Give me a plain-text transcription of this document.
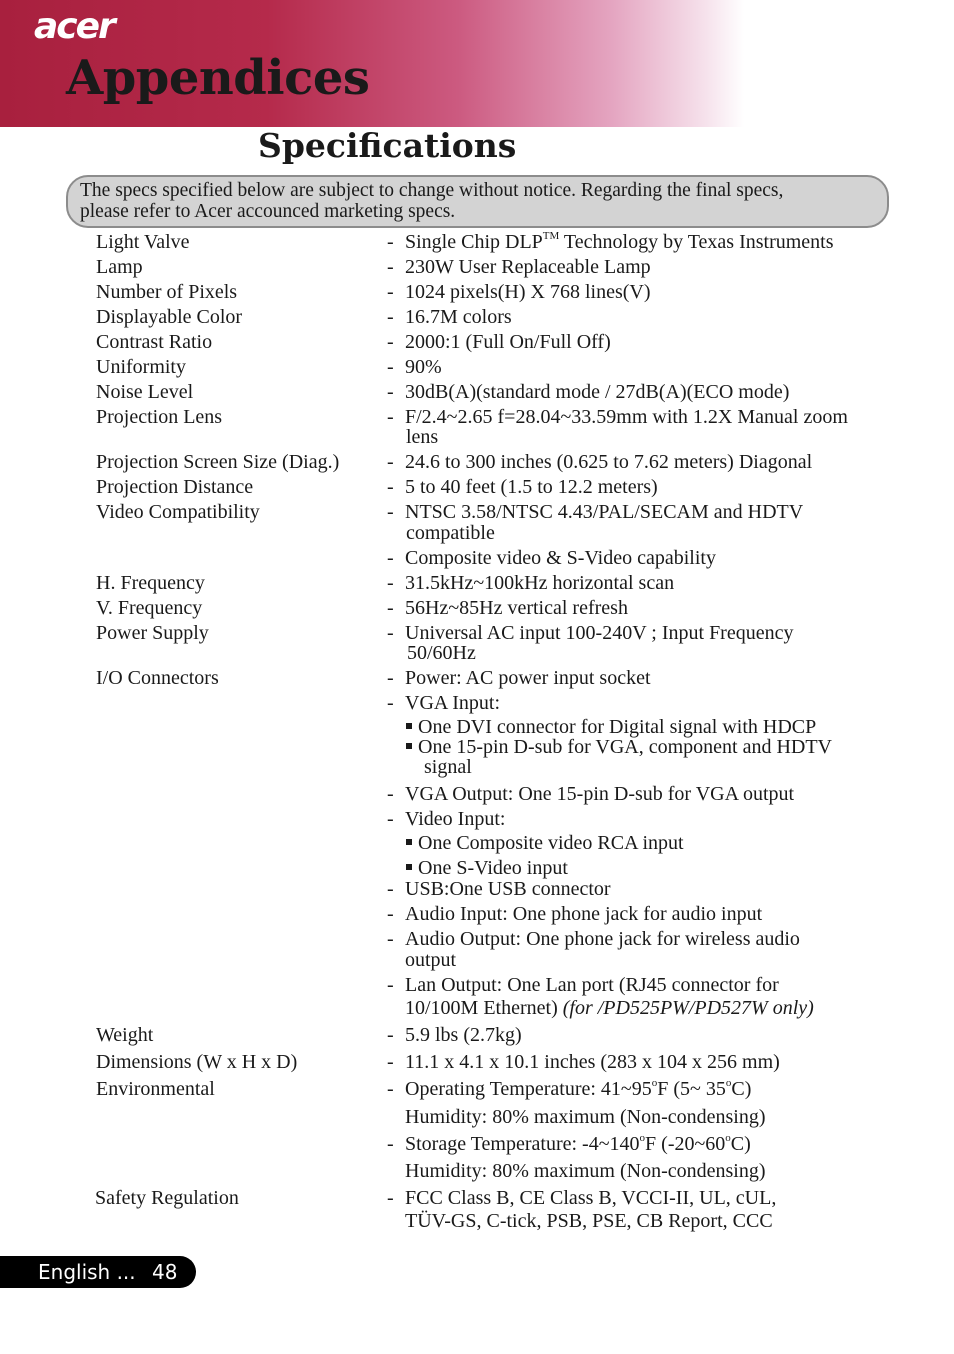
acer
Appendices
Specifications
The specs specified below are subject to change without notice. Regarding the final specs,
please refer to Acer accounced marketing specs.
Light Valve	- Single Chip DLP™ Technology by Texas Instruments
Lamp	- 230W User Replaceable Lamp
Number of Pixels	- 1024 pixels(H) X 768 lines(V)
Displayable Color	- 16.7M colors
Contrast Ratio	- 2000:1 (Full On/Full Off)
Uniformity	- 90%
Noise Level	- 30dB(A)(standard mode / 27dB(A)(ECO mode)
Projection Lens	- F/2.4~2.65 f=28.04~33.59mm with 1.2X Manual zoom
lens
Projection Screen Size (Diag.) - 24.6 to 300 inches (0.625 to 7.62 meters) Diagonal
Projection Distance	- 5 to 40 feet (1.5 to 12.2 meters)
Video Compatibility	- NTSC 3.58/NTSC 4.43/PAL/SECAM and HDTV
compatible
- Composite video & S-Video capability
H. Frequency	- 31.5kHz~100kHz horizontal scan
V. Frequency	- 56Hz~85Hz vertical refresh
Power Supply	- Universal AC input 100-240V ; Input Frequency
50/60Hz
I/O Connectors	- Power: AC power input socket
- VGA Input:
One DVI connector for Digital signal with HDCP
One 15-pin D-sub for VGA, component and HDTV
signal
- VGA Output: One 15-pin D-sub for VGA output
- Video Input:
One Composite video RCA input
One S-Video input
- USB:One USB connector
- Audio Input: One phone jack for audio input
- Audio Output: One phone jack for wireless audio
output
- Lan Output: One Lan port (RJ45 connector for
10/100M Ethernet) (for /PD525PW/PD527W only)
Weight	- 5.9 lbs (2.7kg)
Dimensions (W x H x D)	- 11.1 x 4.1 x 10.1 inches (283 x 104 x 256 mm)
Environmental	- Operating Temperature: 41~95$^o$F (5~ 35$^o$C)
Humidity: 80% maximum (Non-condensing)
- Storage Temperature: -4~140$^o$F (-20~60$^o$C)
Humidity: 80% maximum (Non-condensing)
Safety Regulation	- FCC Class B, CE Class B, VCCI-II, UL, cUL,
TÜV-GS, C-tick, PSB, PSE, CB Report, CCC
English ... 48
